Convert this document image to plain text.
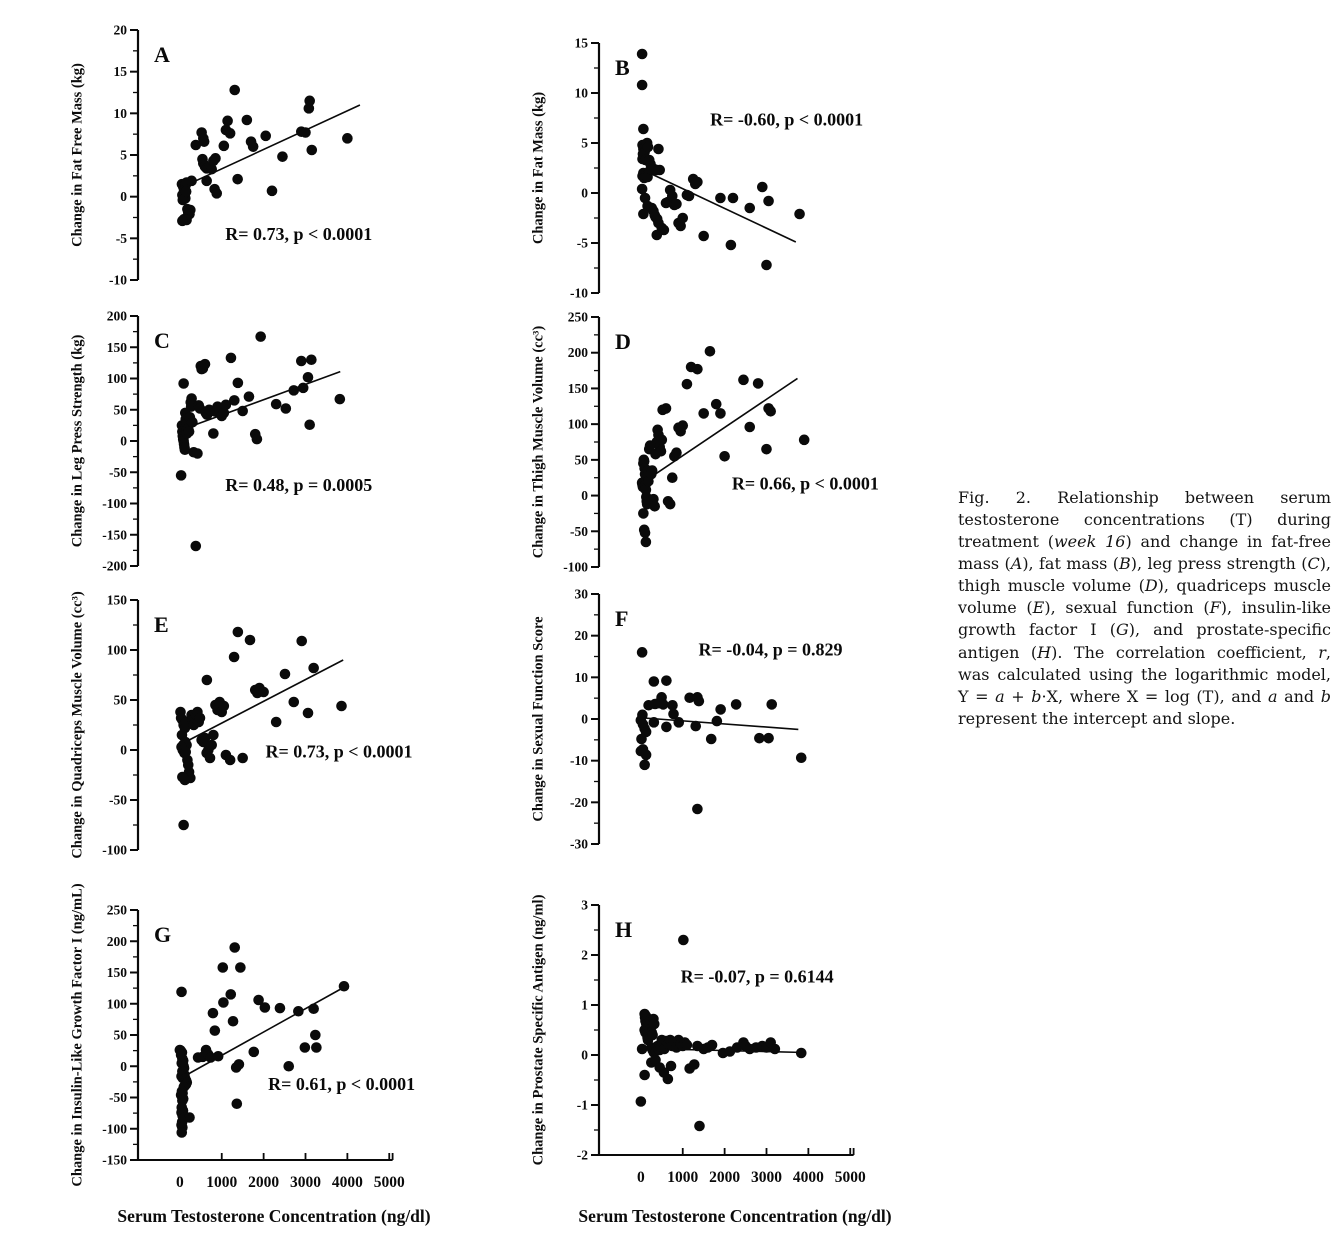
Change in Fat Free Mass (kg)
20
15
10
5
0
-5
-10
A
R= 0.73, p < 0.0001	Change in Fat Mass (kg)
15
10
5
0
-5
-10
B
R= -0.60, p < 0.0001
Change in Leg Press Strength (kg)
200
150
100
50
0
-50
-100
-150
-200
C
R= 0.48, p = 0.0005	Change in Thigh Muscle Volume (cc³)
250
200
150
100
50
0
-50
-100
D
R= 0.66, p < 0.0001
Change in Quadriceps Muscle Volume (cc³) 150
100
50
0
-50
-100
E
R= 0.73, p < 0.0001	Change in Sexual Function Score
30
20
10
0
-10
-20
-30
F
R= -0.04, p = 0.829
Change in Insulin-Like Growth Factor I (ng/mL) 250
200
150
100
50
0
-50
-100
-150
G
R= 0.61, p < 0.0001
0 1000 2000 3000 4000 5000
Change in Prostate Specific Antigen (ng/ml)	3
2
1
0
-1
-2
H
R= -0.07, p = 0.6144
0 1000 2000 3000 4000 5000
Serum Testosterone Concentration (ng/dl)	Serum Testosterone Concentration (ng/dl)
Fig. 2. Relationship between serum testosterone concentrations (T) during treatment (week 16) and change in fat-free mass (A), fat mass (B), leg press strength (C), thigh muscle volume (D), quadriceps muscle volume (E), sexual function (F), insulin-like growth factor I (G), and prostate-specific antigen (H). The correlation coefficient, r, was calculated using the logarithmic model, Y = a + b·X, where X = log (T), and a and b represent the intercept and slope.
